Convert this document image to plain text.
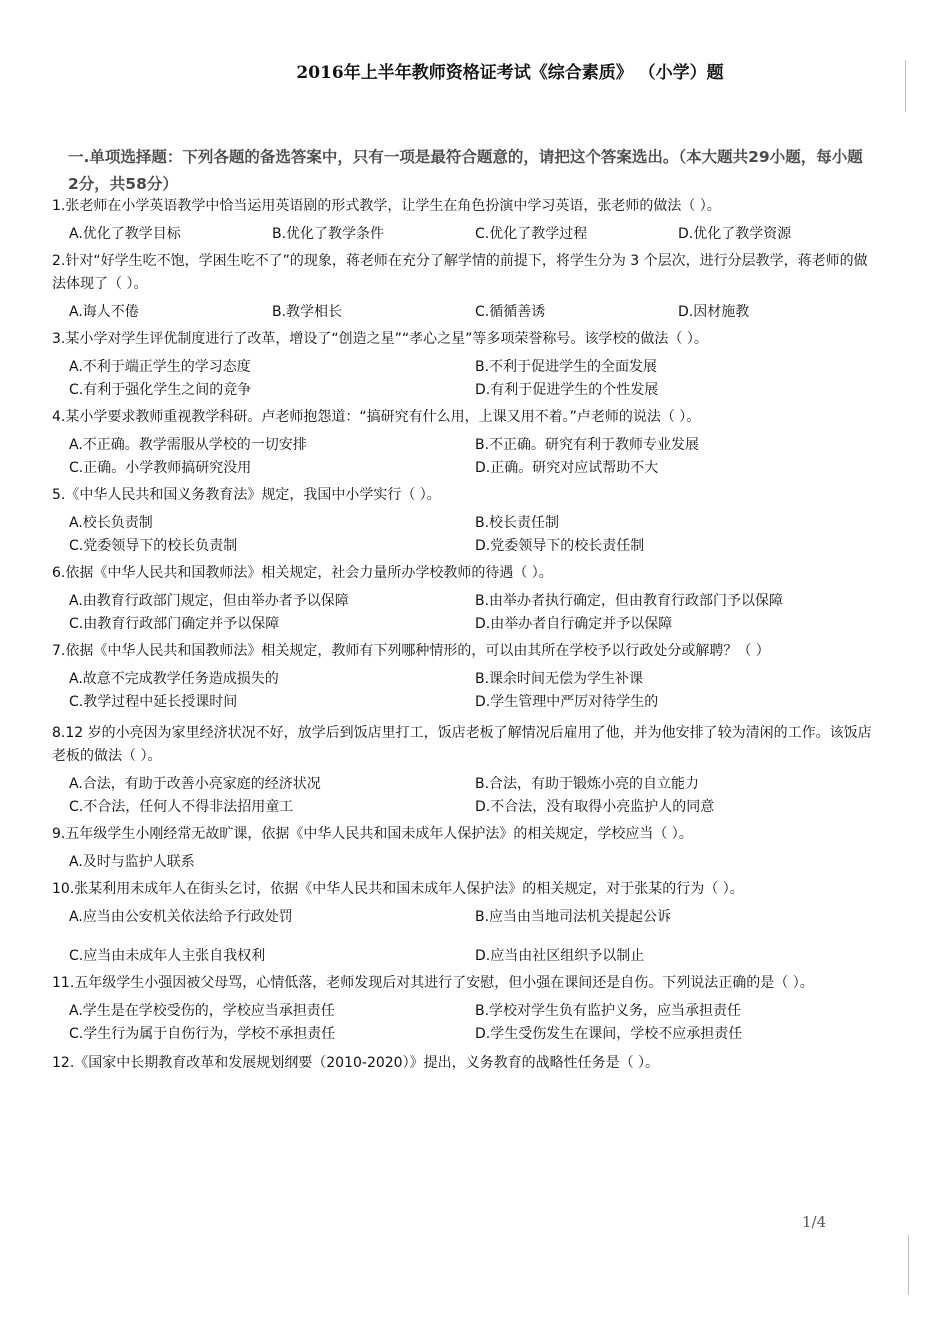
2016年上半年教师资格证考试《综合素质》 （小学）题
一.单项选择题：下列各题的备选答案中，只有一项是最符合题意的，请把这个答案选出。（本大题共29小题，每小题2分，共58分）
1.张老师在小学英语教学中恰当运用英语剧的形式教学，让学生在角色扮演中学习英语，张老师的做法（ ）。
A.优化了教学目标	B.优化了教学条件	C.优化了教学过程	D.优化了教学资源
2.针对“好学生吃不饱，学困生吃不了”的现象，蒋老师在充分了解学情的前提下，将学生分为 3 个层次，进行分层教学，蒋老师的做法体现了（ ）。
A.诲人不倦	B.教学相长	C.循循善诱	D.因材施教
3.某小学对学生评优制度进行了改革，增设了“创造之星”“孝心之星”等多项荣誉称号。该学校的做法（ ）。
A.不利于端正学生的学习态度	B.不利于促进学生的全面发展
C.有利于强化学生之间的竞争	D.有利于促进学生的个性发展
4.某小学要求教师重视教学科研。卢老师抱怨道：“搞研究有什么用，上课又用不着。”卢老师的说法（ ）。
A.不正确。教学需服从学校的一切安排	B.不正确。研究有利于教师专业发展
C.正确。小学教师搞研究没用	D.正确。研究对应试帮助不大
5.《中华人民共和国义务教育法》规定，我国中小学实行（ ）。
A.校长负责制	B.校长责任制
C.党委领导下的校长负责制	D.党委领导下的校长责任制
6.依据《中华人民共和国教师法》相关规定，社会力量所办学校教师的待遇（ ）。
A.由教育行政部门规定，但由举办者予以保障	B.由举办者执行确定，但由教育行政部门予以保障
C.由教育行政部门确定并予以保障	D.由举办者自行确定并予以保障
7.依据《中华人民共和国教师法》相关规定，教师有下列哪种情形的，可以由其所在学校予以行政处分或解聘？（ ）
A.故意不完成教学任务造成损失的	B.课余时间无偿为学生补课
C.教学过程中延长授课时间	D.学生管理中严厉对待学生的
8.12 岁的小亮因为家里经济状况不好，放学后到饭店里打工，饭店老板了解情况后雇用了他，并为他安排了较为清闲的工作。该饭店老板的做法（ ）。
A.合法，有助于改善小亮家庭的经济状况	B.合法，有助于锻炼小亮的自立能力
C.不合法，任何人不得非法招用童工	D.不合法，没有取得小亮监护人的同意
9.五年级学生小刚经常无故旷课，依据《中华人民共和国未成年人保护法》的相关规定，学校应当（ ）。
A.及时与监护人联系
10.张某利用未成年人在街头乞讨，依据《中华人民共和国未成年人保护法》的相关规定，对于张某的行为（ ）。
A.应当由公安机关依法给予行政处罚	B.应当由当地司法机关提起公诉
C.应当由未成年人主张自我权利	D.应当由社区组织予以制止
11.五年级学生小强因被父母骂，心情低落，老师发现后对其进行了安慰，但小强在课间还是自伤。下列说法正确的是（ ）。
A.学生是在学校受伤的，学校应当承担责任	B.学校对学生负有监护义务，应当承担责任
C.学生行为属于自伤行为，学校不承担责任	D.学生受伤发生在课间，学校不应承担责任
12.《国家中长期教育改革和发展规划纲要（2010-2020）》提出，义务教育的战略性任务是（ ）。
1/4
